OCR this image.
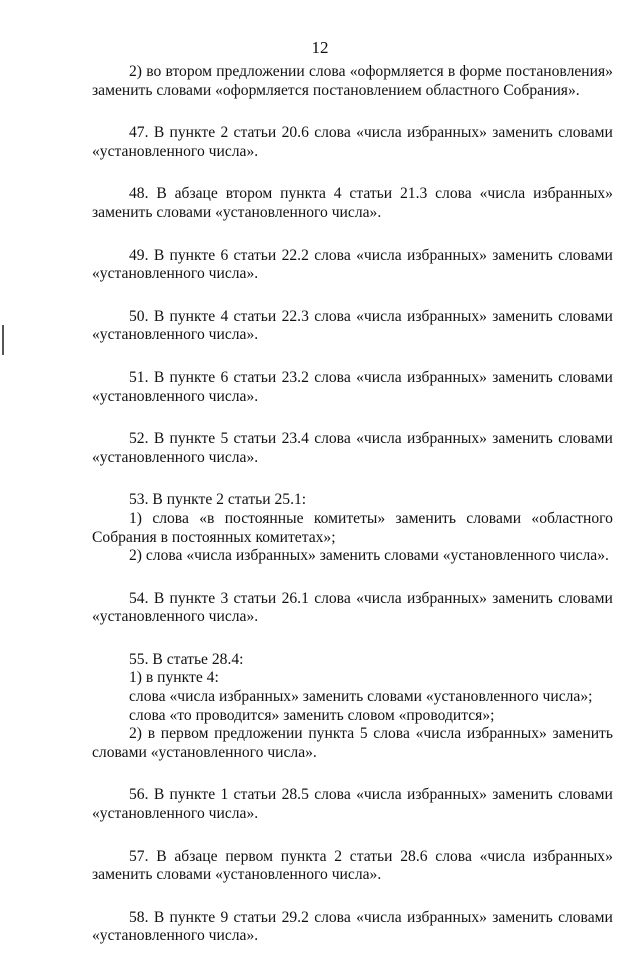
12
2) во втором предложении слова «оформляется в форме постановления»
заменить словами «оформляется постановлением областного Собрания».
47. В пункте 2 статьи 20.6 слова «числа избранных» заменить словами
«установленного числа».
48. В абзаце втором пункта 4 статьи 21.3 слова «числа избранных»
заменить словами «установленного числа».
49. В пункте 6 статьи 22.2 слова «числа избранных» заменить словами
«установленного числа».
50. В пункте 4 статьи 22.3 слова «числа избранных» заменить словами
«установленного числа».
51. В пункте 6 статьи 23.2 слова «числа избранных» заменить словами
«установленного числа».
52. В пункте 5 статьи 23.4 слова «числа избранных» заменить словами
«установленного числа».
53. В пункте 2 статьи 25.1:
1) слова «в постоянные комитеты» заменить словами «областного
Собрания в постоянных комитетах»;
2) слова «числа избранных» заменить словами «установленного числа».
54. В пункте 3 статьи 26.1 слова «числа избранных» заменить словами
«установленного числа».
55. В статье 28.4:
1) в пункте 4:
слова «числа избранных» заменить словами «установленного числа»;
слова «то проводится» заменить словом «проводится»;
2) в первом предложении пункта 5 слова «числа избранных» заменить
словами «установленного числа».
56. В пункте 1 статьи 28.5 слова «числа избранных» заменить словами
«установленного числа».
57. В абзаце первом пункта 2 статьи 28.6 слова «числа избранных»
заменить словами «установленного числа».
58. В пункте 9 статьи 29.2 слова «числа избранных» заменить словами
«установленного числа».
